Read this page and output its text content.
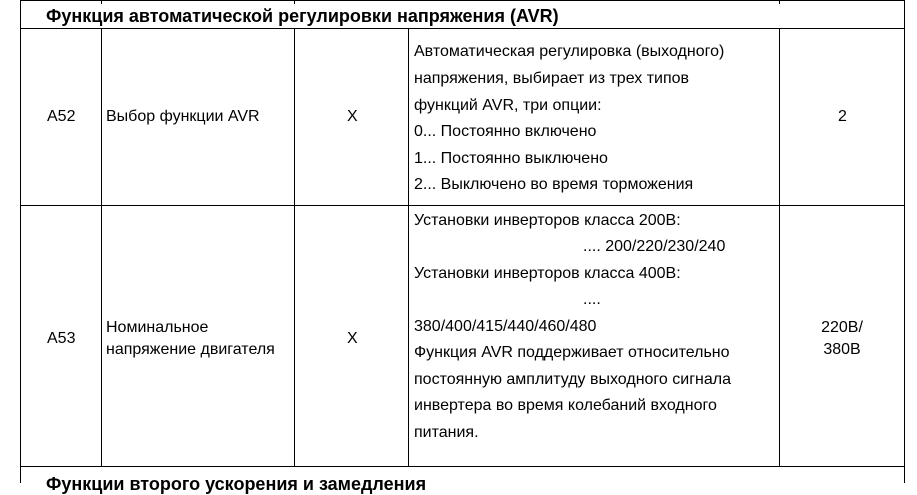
Функция автоматической регулировки напряжения (AVR)
A52 Выбор функции AVR	X
Автоматическая регулировка (выходного)
напряжения, выбирает из трех типов
функций AVR, три опции:
0... Постоянно включено
1... Постоянно выключено
2... Выключено во время торможения
2
A53
Номинальное
напряжение двигателя
X
Установки инверторов класса 200В:
.... 200/220/230/240
Установки инверторов класса 400В:
....
380/400/415/440/460/480
Функция AVR поддерживает относительно
постоянную амплитуду выходного сигнала
инвертера во время колебаний входного
питания.
220В/
380В
Функции второго ускорения и замедления
